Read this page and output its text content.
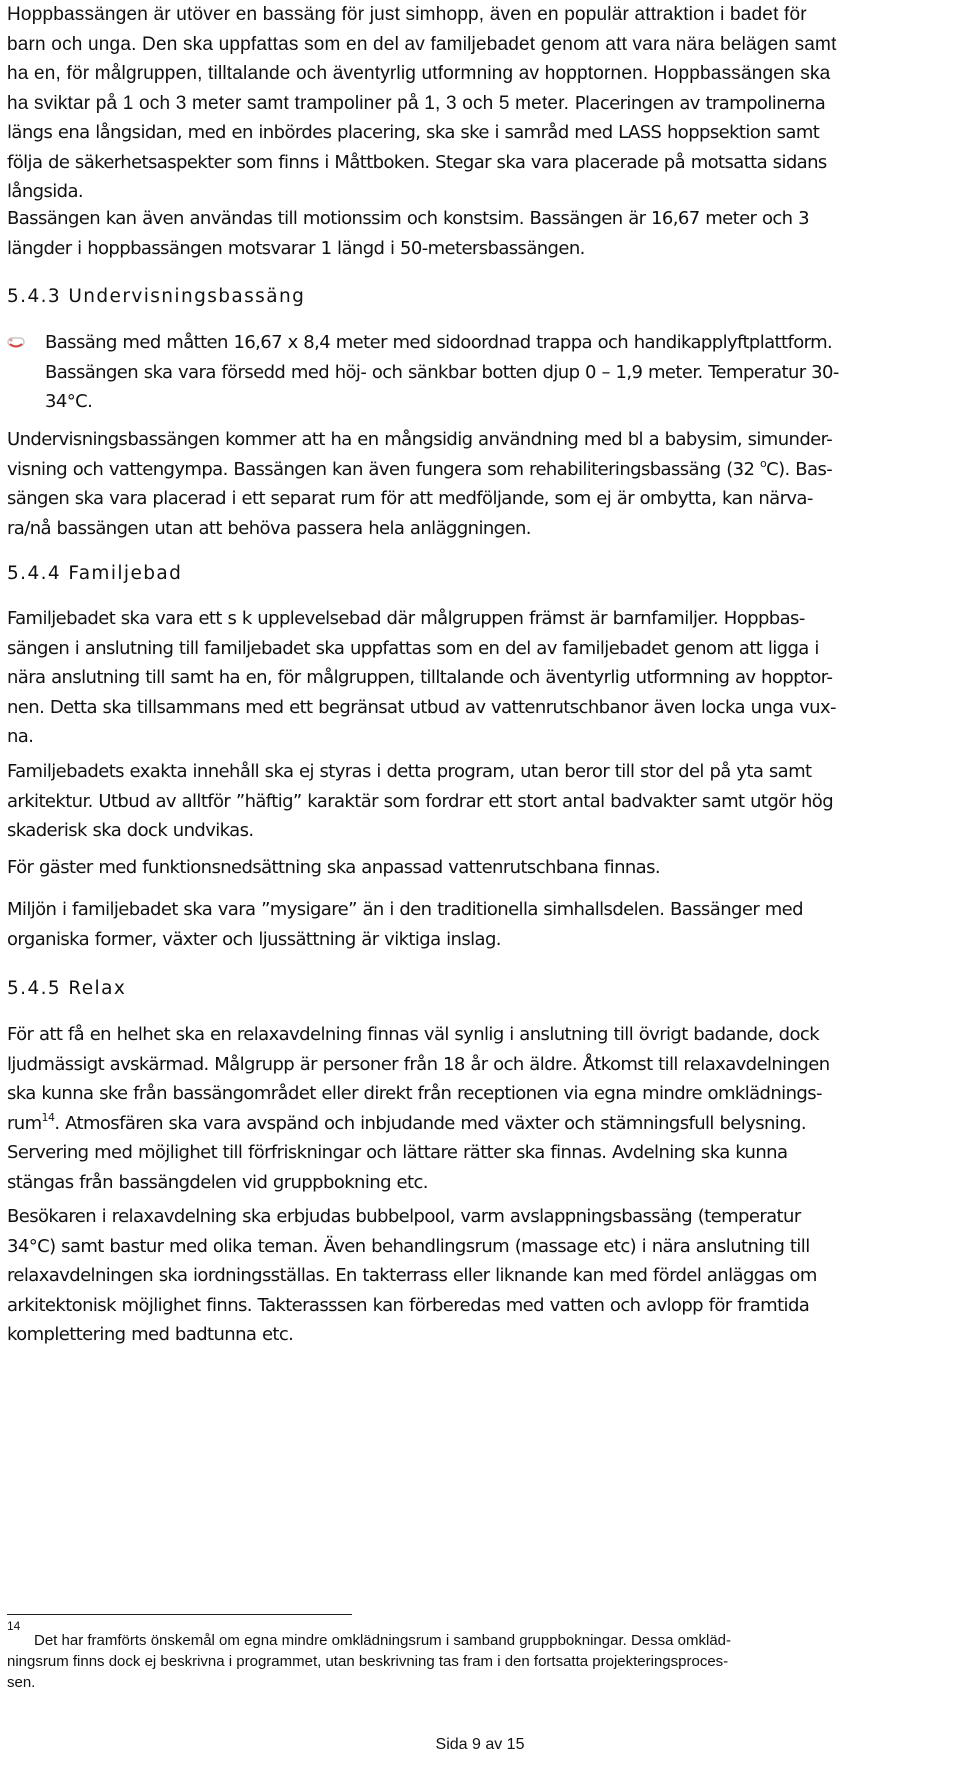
Hoppbassängen är utöver en bassäng för just simhopp, även en populär attraktion i badet för
barn och unga. Den ska uppfattas som en del av familjebadet genom att vara nära belägen samt
ha en, för målgruppen, tilltalande och äventyrlig utformning av hopptornen. Hoppbassängen ska
ha sviktar på 1 och 3 meter samt trampoliner på 1, 3 och 5 meter. Placeringen av trampolinerna
längs ena långsidan, med en inbördes placering, ska ske i samråd med LASS hoppsektion samt
följa de säkerhetsaspekter som finns i Måttboken. Stegar ska vara placerade på motsatta sidans
långsida.
Bassängen kan även användas till motionssim och konstsim. Bassängen är 16,67 meter och 3
längder i hoppbassängen motsvarar 1 längd i 50-metersbassängen.
5.4.3 Undervisningsbassäng
Bassäng med måtten 16,67 x 8,4 meter med sidoordnad trappa och handikapplyftplattform.
Bassängen ska vara försedd med höj- och sänkbar botten djup 0 – 1,9 meter. Temperatur 30-
34°C.
Undervisningsbassängen kommer att ha en mångsidig användning med bl a babysim, simunder-
visning och vattengympa. Bassängen kan även fungera som rehabiliteringsbassäng (32 $^o$C). Bas-
sängen ska vara placerad i ett separat rum för att medföljande, som ej är ombytta, kan närva-
ra/nå bassängen utan att behöva passera hela anläggningen.
5.4.4 Familjebad
Familjebadet ska vara ett s k upplevelsebad där målgruppen främst är barnfamiljer. Hoppbas-
sängen i anslutning till familjebadet ska uppfattas som en del av familjebadet genom att ligga i
nära anslutning till samt ha en, för målgruppen, tilltalande och äventyrlig utformning av hopptor-
nen. Detta ska tillsammans med ett begränsat utbud av vattenrutschbanor även locka unga vux-
na.
Familjebadets exakta innehåll ska ej styras i detta program, utan beror till stor del på yta samt
arkitektur. Utbud av alltför ”häftig” karaktär som fordrar ett stort antal badvakter samt utgör hög
skaderisk ska dock undvikas.
För gäster med funktionsnedsättning ska anpassad vattenrutschbana finnas.
Miljön i familjebadet ska vara ”mysigare” än i den traditionella simhallsdelen. Bassänger med
organiska former, växter och ljussättning är viktiga inslag.
5.4.5 Relax
För att få en helhet ska en relaxavdelning finnas väl synlig i anslutning till övrigt badande, dock
ljudmässigt avskärmad. Målgrupp är personer från 18 år och äldre. Åtkomst till relaxavdelningen
ska kunna ske från bassängområdet eller direkt från receptionen via egna mindre omklädnings-
rum$^{14}$. Atmosfären ska vara avspänd och inbjudande med växter och stämningsfull belysning.
Servering med möjlighet till förfriskningar och lättare rätter ska finnas. Avdelning ska kunna
stängas från bassängdelen vid gruppbokning etc.
Besökaren i relaxavdelning ska erbjudas bubbelpool, varm avslappningsbassäng (temperatur
34°C) samt bastur med olika teman. Även behandlingsrum (massage etc) i nära anslutning till
relaxavdelningen ska iordningsställas. En takterrass eller liknande kan med fördel anläggas om
arkitektonisk möjlighet finns. Takterasssen kan förberedas med vatten och avlopp för framtida
komplettering med badtunna etc.
14
Det har framförts önskemål om egna mindre omklädningsrum i samband gruppbokningar. Dessa omkläd-
ningsrum finns dock ej beskrivna i programmet, utan beskrivning tas fram i den fortsatta projekteringsproces-
sen.
Sida 9 av 15
